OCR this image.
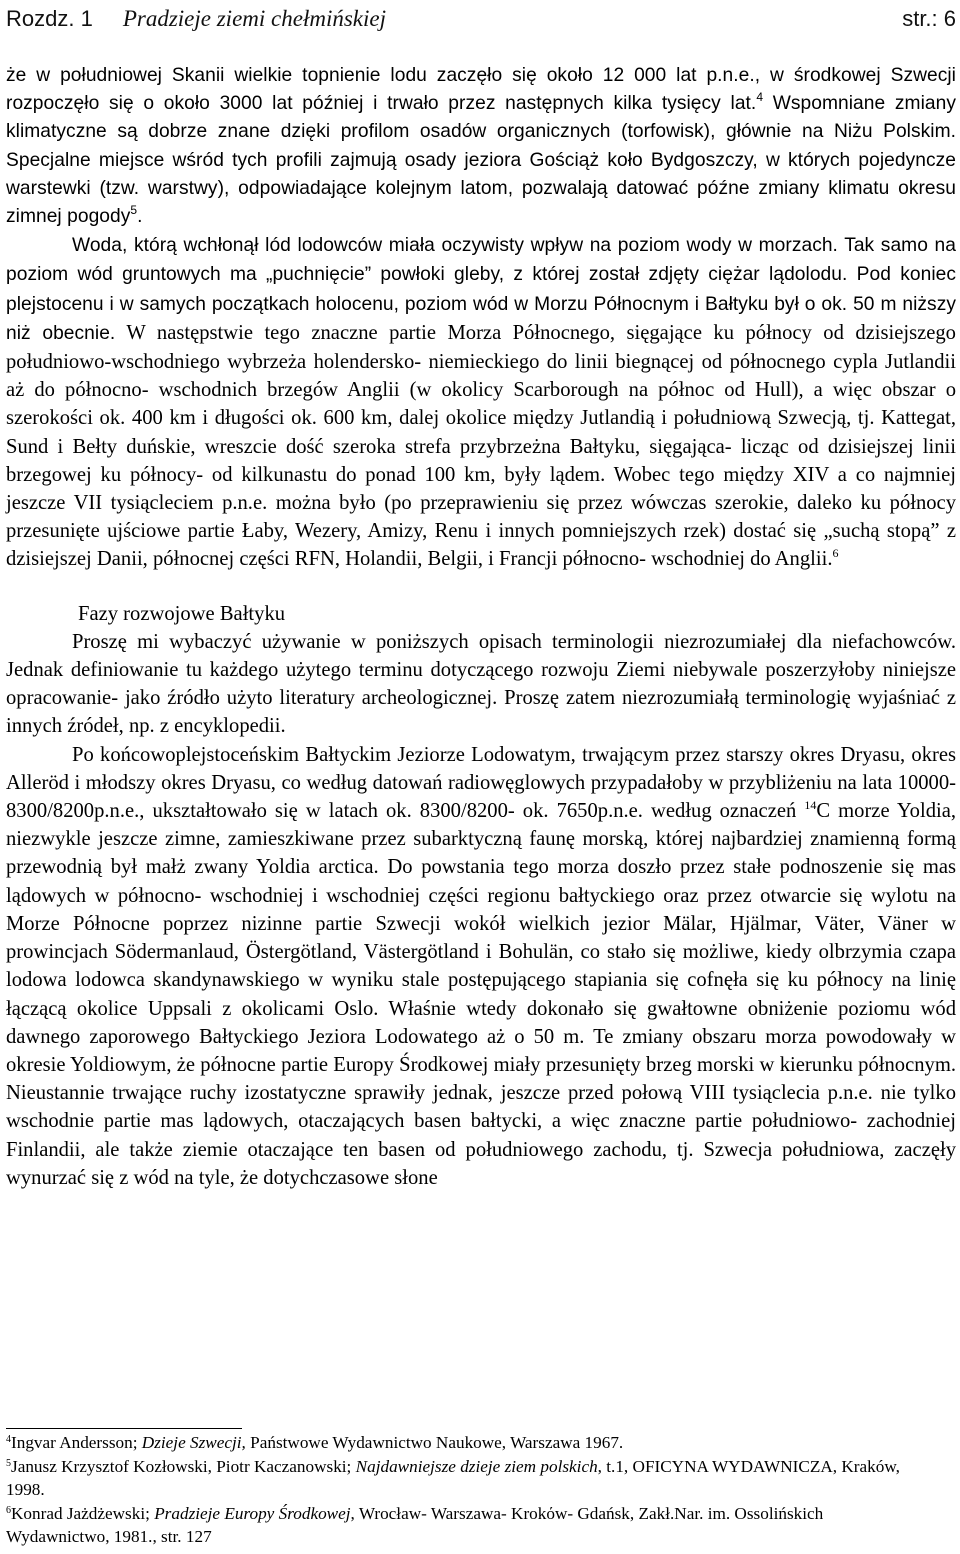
Rozdz. 1 Pradzieje ziemi chełmińskiej	str.: 6

że w południowej Skanii wielkie topnienie lodu zaczęło się około 12 000 lat p.n.e., w środkowej Szwecji rozpoczęło się o około 3000 lat później i trwało przez następnych kilka tysięcy lat.$^4$ Wspomniane zmiany klimatyczne są dobrze znane dzięki profilom osadów organicznych (torfowisk), głównie na Niżu Polskim. Specjalne miejsce wśród tych profili zajmują osady jeziora Gościąż koło Bydgoszczy, w których pojedyncze warstewki (tzw. warstwy), odpowiadające kolejnym latom, pozwalają datować późne zmiany klimatu okresu zimnej pogody$^5$.

Woda, którą wchłonął lód lodowców miała oczywisty wpływ na poziom wody w morzach. Tak samo na poziom wód gruntowych ma „puchnięcie” powłoki gleby, z której został zdjęty ciężar lądolodu. Pod koniec plejstocenu i w samych początkach holocenu, poziom wód w Morzu Północnym i Bałtyku był o ok. 50 m niższy niż obecnie. W następstwie tego znaczne partie Morza Północnego, sięgające ku północy od dzisiejszego południowo-wschodniego wybrzeża holendersko- niemieckiego do linii biegnącej od północnego cypla Jutlandii aż do północno- wschodnich brzegów Anglii (w okolicy Scarborough na północ od Hull), a więc obszar o szerokości ok. 400 km i długości ok. 600 km, dalej okolice między Jutlandią i południową Szwecją, tj. Kattegat, Sund i Bełty duńskie, wreszcie dość szeroka strefa przybrzeżna Bałtyku, sięgająca- licząc od dzisiejszej linii brzegowej ku północy- od kilkunastu do ponad 100 km, były lądem. Wobec tego między XIV a co najmniej jeszcze VII tysiącleciem p.n.e. można było (po przeprawieniu się przez wówczas szerokie, daleko ku północy przesunięte ujściowe partie Łaby, Wezery, Amizy, Renu i innych pomniejszych rzek) dostać się „suchą stopą” z dzisiejszej Danii, północnej części RFN, Holandii, Belgii, i Francji północno- wschodniej do Anglii.$^6$

Fazy rozwojowe Bałtyku

Proszę mi wybaczyć używanie w poniższych opisach terminologii niezrozumiałej dla niefachowców. Jednak definiowanie tu każdego użytego terminu dotyczącego rozwoju Ziemi niebywale poszerzyłoby niniejsze opracowanie- jako źródło użyto literatury archeologicznej. Proszę zatem niezrozumiałą terminologię wyjaśniać z innych źródeł, np. z encyklopedii.

Po końcowoplejstoceńskim Bałtyckim Jeziorze Lodowatym, trwającym przez starszy okres Dryasu, okres Alleröd i młodszy okres Dryasu, co według datowań radiowęglowych przypadałoby w przybliżeniu na lata 10000- 8300/8200p.n.e., ukształtowało się w latach ok. 8300/8200- ok. 7650p.n.e. według oznaczeń $^{14}$C morze Yoldia, niezwykle jeszcze zimne, zamieszkiwane przez subarktyczną faunę morską, której najbardziej znamienną formą przewodnią był małż zwany Yoldia arctica. Do powstania tego morza doszło przez stałe podnoszenie się mas lądowych w północno- wschodniej i wschodniej części regionu bałtyckiego oraz przez otwarcie się wylotu na Morze Północne poprzez nizinne partie Szwecji wokół wielkich jezior Mälar, Hjälmar, Väter, Väner w prowincjach Södermanlaud, Östergötland, Västergötland i Bohulän, co stało się możliwe, kiedy olbrzymia czapa lodowa lodowca skandynawskiego w wyniku stale postępującego stapiania się cofnęła się ku północy na linię łączącą okolice Uppsali z okolicami Oslo. Właśnie wtedy dokonało się gwałtowne obniżenie poziomu wód dawnego zaporowego Bałtyckiego Jeziora Lodowatego aż o 50 m. Te zmiany obszaru morza powodowały w okresie Yoldiowym, że północne partie Europy Środkowej miały przesunięty brzeg morski w kierunku północnym. Nieustannie trwające ruchy izostatyczne sprawiły jednak, jeszcze przed połową VIII tysiąclecia p.n.e. nie tylko wschodnie partie mas lądowych, otaczających basen bałtycki, a więc znaczne partie południowo- zachodniej Finlandii, ale także ziemie otaczające ten basen od południowego zachodu, tj. Szwecja południowa, zaczęły wynurzać się z wód na tyle, że dotychczasowe słone

$^4$Ingvar Andersson; Dzieje Szwecji, Państwowe Wydawnictwo Naukowe, Warszawa 1967.

$^5$Janusz Krzysztof Kozłowski, Piotr Kaczanowski; Najdawniejsze dzieje ziem polskich, t.1, OFICYNA WYDAWNICZA, Kraków, 1998.

$^6$Konrad Jażdżewski; Pradzieje Europy Środkowej, Wrocław- Warszawa- Krokόw- Gdańsk, Zakł.Nar. im. Ossolińskich Wydawnictwo, 1981., str. 127
